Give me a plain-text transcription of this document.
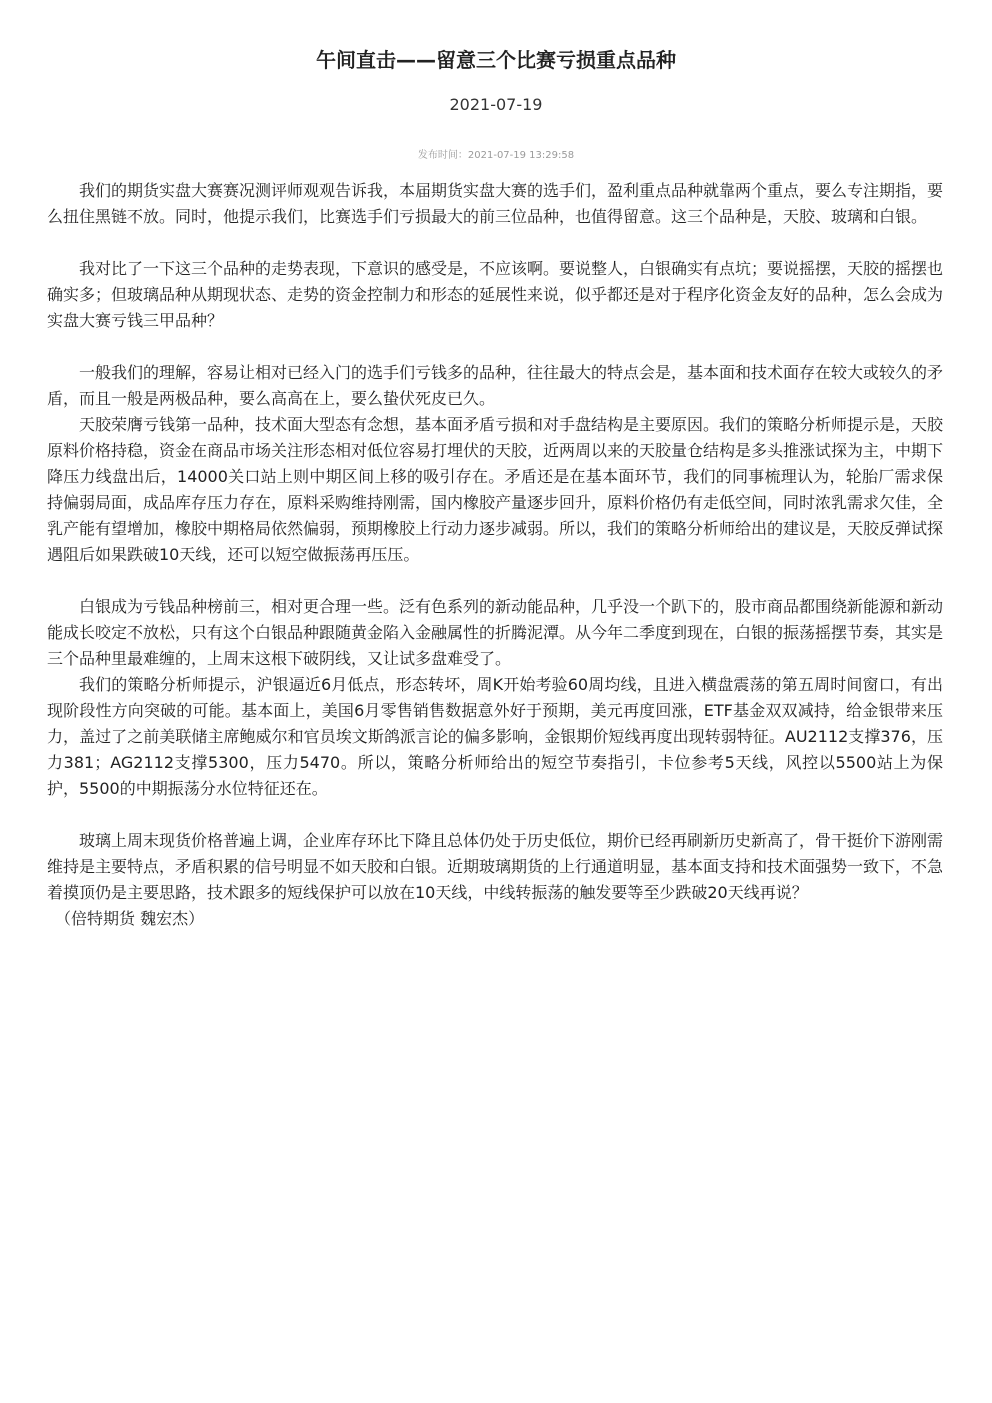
午间直击——留意三个比赛亏损重点品种
2021-07-19
发布时间：2021-07-19 13:29:58

我们的期货实盘大赛赛况测评师观观告诉我，本届期货实盘大赛的选手们，盈利重点品种就靠两个重点，要么专注期指，要么扭住黑链不放。同时，他提示我们，比赛选手们亏损最大的前三位品种，也值得留意。这三个品种是，天胶、玻璃和白银。

我对比了一下这三个品种的走势表现，下意识的感受是，不应该啊。要说整人，白银确实有点坑；要说摇摆，天胶的摇摆也确实多；但玻璃品种从期现状态、走势的资金控制力和形态的延展性来说，似乎都还是对于程序化资金友好的品种，怎么会成为实盘大赛亏钱三甲品种？

一般我们的理解，容易让相对已经入门的选手们亏钱多的品种，往往最大的特点会是，基本面和技术面存在较大或较久的矛盾，而且一般是两极品种，要么高高在上，要么蛰伏死皮已久。

天胶荣膺亏钱第一品种，技术面大型态有念想，基本面矛盾亏损和对手盘结构是主要原因。我们的策略分析师提示是，天胶原料价格持稳，资金在商品市场关注形态相对低位容易打埋伏的天胶，近两周以来的天胶量仓结构是多头推涨试探为主，中期下降压力线盘出后，14000关口站上则中期区间上移的吸引存在。矛盾还是在基本面环节，我们的同事梳理认为，轮胎厂需求保持偏弱局面，成品库存压力存在，原料采购维持刚需，国内橡胶产量逐步回升，原料价格仍有走低空间，同时浓乳需求欠佳，全乳产能有望增加，橡胶中期格局依然偏弱，预期橡胶上行动力逐步减弱。所以，我们的策略分析师给出的建议是，天胶反弹试探遇阻后如果跌破10天线，还可以短空做振荡再压压。

白银成为亏钱品种榜前三，相对更合理一些。泛有色系列的新动能品种，几乎没一个趴下的，股市商品都围绕新能源和新动能成长咬定不放松，只有这个白银品种跟随黄金陷入金融属性的折腾泥潭。从今年二季度到现在，白银的振荡摇摆节奏，其实是三个品种里最难缠的，上周末这根下破阴线，又让试多盘难受了。

我们的策略分析师提示，沪银逼近6月低点，形态转坏，周K开始考验60周均线，且进入横盘震荡的第五周时间窗口，有出现阶段性方向突破的可能。基本面上，美国6月零售销售数据意外好于预期，美元再度回涨，ETF基金双双减持，给金银带来压力，盖过了之前美联储主席鲍威尔和官员埃文斯鸽派言论的偏多影响，金银期价短线再度出现转弱特征。AU2112支撑376，压力381；AG2112支撑5300，压力5470。所以，策略分析师给出的短空节奏指引，卡位参考5天线，风控以5500站上为保护，5500的中期振荡分水位特征还在。

玻璃上周末现货价格普遍上调，企业库存环比下降且总体仍处于历史低位，期价已经再刷新历史新高了，骨干挺价下游刚需维持是主要特点，矛盾积累的信号明显不如天胶和白银。近期玻璃期货的上行通道明显，基本面支持和技术面强势一致下，不急着摸顶仍是主要思路，技术跟多的短线保护可以放在10天线，中线转振荡的触发要等至少跌破20天线再说？

（倍特期货 魏宏杰）
